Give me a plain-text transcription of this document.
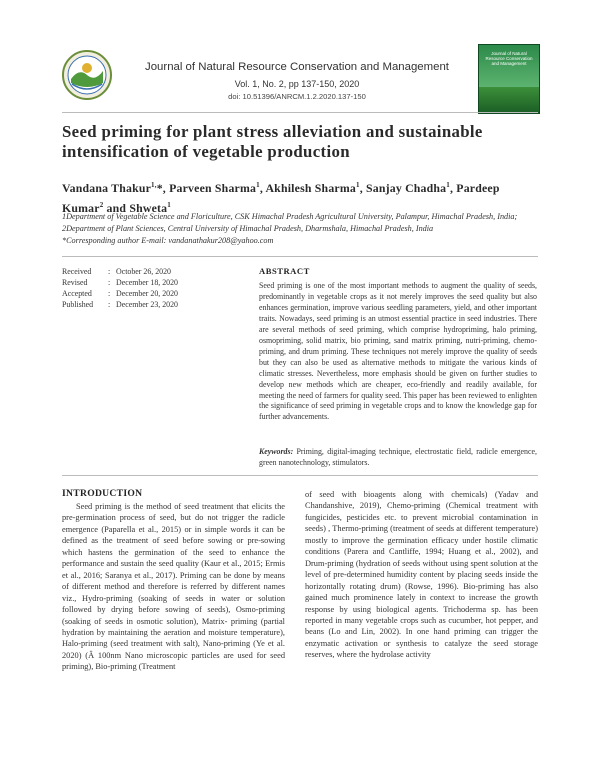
Journal of Natural Resource Conservation and Management
Vol. 1, No. 2, pp 137-150, 2020
doi: 10.51396/ANRCM.1.2.2020.137-150
Journal of Natural Resource Conservation and Management
Seed priming for plant stress alleviation and sustainable intensification of vegetable production
Vandana Thakur$^{1,}$*, Parveen Sharma$^1$, Akhilesh Sharma$^1$, Sanjay Chadha$^1$, Pardeep Kumar$^2$ and Shweta$^1$
1Department of Vegetable Science and Floriculture, CSK Himachal Pradesh Agricultural University, Palampur, Himachal Pradesh, India; 2Department of Plant Sciences, Central University of Himachal Pradesh, Dharmshala, Himachal Pradesh, India
*Corresponding author E-mail: vandanathakur208@yahoo.com
Received	: October 26, 2020
Revised	: December 18, 2020
Accepted	: December 20, 2020
Published	: December 23, 2020
ABSTRACT
Seed priming is one of the most important methods to augment the quality of seeds, predominantly in vegetable crops as it not merely improves the seed quality but also enhances germination, improve various seedling parameters, yield, and other important traits. Nowadays, seed priming is an utmost essential practice in seed industries. There are several methods of seed priming, which comprise hydropriming, halo priming, osmopriming, solid matrix, bio priming, sand matrix priming, nutri-priming, chemo-priming, and drum priming. These techniques not merely improve the quality of seeds but they can also be used as alternative methods to mitigate the various kinds of climatic stresses. Nevertheless, more emphasis should be given on further studies to develop new methods which are cheaper, eco-friendly and readily available, for meeting the need of farmers for quality seed. This paper has been reviewed to enlighten the significance of seed priming in vegetable crops and to know the knowledge gap for further advancements.
Keywords: Priming, digital-imaging technique, electrostatic field, radicle emergence, green nanotechnology, stimulators.
INTRODUCTION

Seed priming is the method of seed treatment that elicits the pre-germination process of seed, but do not trigger the radicle emergence (Paparella et al., 2015) or in simple words it can be defined as the treatment of seed before sowing or pre-sowing which hastens the germination of the seed to enhance the performance and sustain the seed quality (Kaur et al., 2015; Ermis et al., 2016; Saranya et al., 2017). Priming can be done by means of different method and therefore is referred by different names viz., Hydro-priming (soaking of seeds in water or solution followed by drying before sowing of seeds), Osmo-priming (soaking of seeds in osmotic solution), Matrix- priming (partial hydration by maintaining the aeration and moisture temperature), Halo-priming (seed treatment with salt), Nano-priming (Ye et al. 2020) (Â 100nm Nano microscopic particles are used for seed priming), Bio-priming (Treatment

of seed with bioagents along with chemicals) (Yadav and Chandanshive, 2019), Chemo-priming (Chemical treatment with fungicides, pesticides etc. to prevent microbial contamination in seeds) , Thermo-priming (treatment of seeds at different temperature) mostly to improve the germination efficacy under hostile climatic conditions (Parera and Cantliffe, 1994; Huang et al., 2002), and Drum-priming (hydration of seeds without using spent solution at the level of pre-determined humidity content by placing seeds inside the horizontally rotating drum) (Rowse, 1996). Bio-priming has also gained much prominence lately in context to increase the growth response by using biological agents. Trichoderma sp. has been reported in many vegetable crops such as cucumber, hot pepper, and beans (Lo and Lin, 2002). In one hand priming can trigger the enzymatic activation or synthesis to catalyze the seed storage reserves, where the hydrolase activity
